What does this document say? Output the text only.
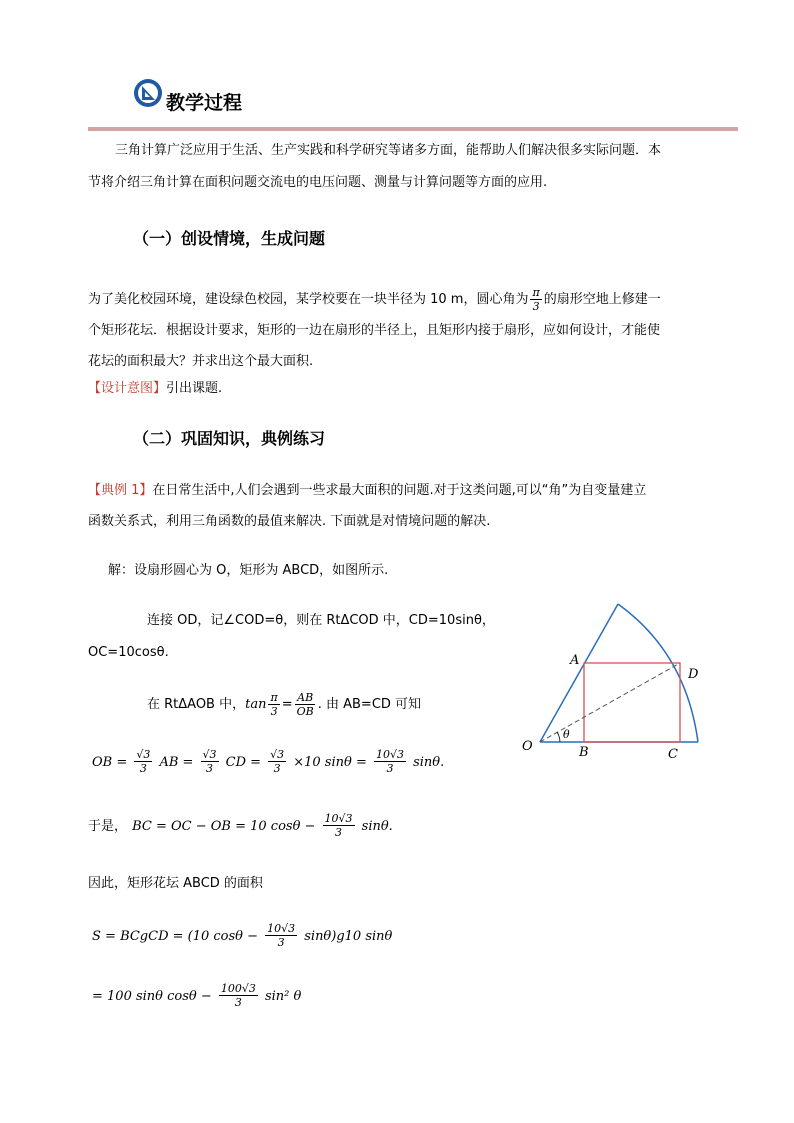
教学过程
三角计算广泛应用于生活、生产实践和科学研究等诸多方面，能帮助人们解决很多实际问题．本
节将介绍三角计算在面积问题交流电的电压问题、测量与计算问题等方面的应用.
（一）创设情境，生成问题
为了美化校园环境，建设绿色校园，某学校要在一块半径为 10 m，圆心角为 $\frac{\pi}{3}$ 的扇形空地上修建一
个矩形花坛．根据设计要求，矩形的一边在扇形的半径上，且矩形内接于扇形，应如何设计，才能使
花坛的面积最大？并求出这个最大面积.
【设计意图】引出课题.
（二）巩固知识，典例练习
【典例 1】在日常生活中,人们会遇到一些求最大面积的问题.对于这类问题,可以“角”为自变量建立
函数关系式，利用三角函数的最值来解决. 下面就是对情境问题的解决.
解：设扇形圆心为 O，矩形为 ABCD，如图所示.
连接 OD，记∠COD=θ，则在 RtΔCOD 中，CD=10sinθ，
OC=10cosθ.
在 RtΔAOB 中，$\tan \frac{\pi}{3} = \frac{AB}{OB}$ . 由 AB=CD 可知
OB = $\frac{√3}{3}$ AB = $\frac{√3}{3}$ CD = $\frac{√3}{3} \times 10$ $\sin\theta = \frac{10√3}{3} \sin\theta$.
于是， BC = OC − OB = 10 $\cos\theta - \frac{10√3}{3} \sin\theta$.
因此，矩形花坛 ABCD 的面积
S = BCgCD = (10 $\cos\theta - \frac{10√3}{3} \sin\theta)g10$ sinθ
= 100 sinθ $\cos\theta - \frac{100√3}{3} \sin^2$ θ
O
A
B	C
D
θ
